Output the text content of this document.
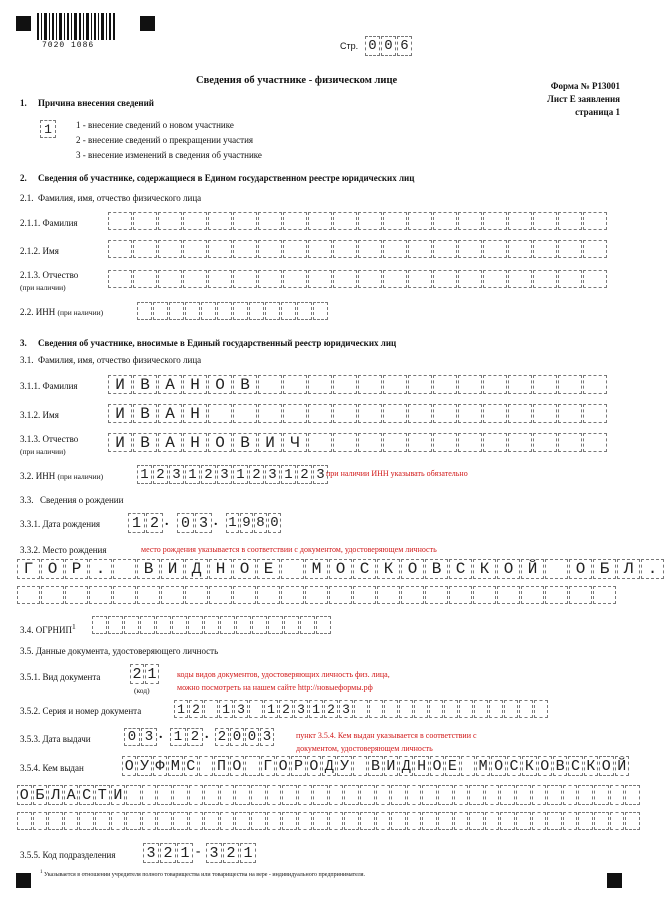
7020 1086	Стр. 0 0 6
Сведения об участнике - физическом лице	Форма № Р13001
Лист Е заявления
страница 1
1. Причина внесения сведений
1	1 - внесение сведений о новом участнике
2 - внесение сведений о прекращении участия
3 - внесение изменений в сведения об участнике
2. Сведения об участнике, содержащиеся в Едином государственном реестре юридических лиц
2.1. Фамилия, имя, отчество физического лица
2.1.1. Фамилия
2.1.2. Имя
2.1.3. Отчество
(при наличии)
2.2. ИНН (при наличии)
3. Сведения об участнике, вносимые в Единый государственный реестр юридических лиц
3.1. Фамилия, имя, отчество физического лица
3.1.1. Фамилия И В А Н О В
3.1.2. Имя	И В А Н
3.1.3. Отчество
(при наличии)	И В А Н О В И Ч
3.2. ИНН (при наличии)	1 2 3 1 2 3 1 2 3 1 2 3 при наличии ИНН указывать обязательно
3.3. Сведения о рождении
3.3.1. Дата рождения 1 2 . 0 3 . 1 9 8 0
3.3.2. Место рождения	место рождения указывается в соответствии с документом, удостоверяющем личность
Г О Р . В И Д Н О Е М О С К О В С К О Й О Б Л .
3.4. ОГРНИП$^1$
3.5. Данные документа, удостоверяющего личность
3.5.1. Вид документа 2 1
(код)
коды видов документов, удостоверяющих личность физ. лица,
можно посмотреть на нашем сайте http://новыеформы.рф
3.5.2. Серия и номер документа	1 2 1 3 1 2 3 1 2 3
3.5.3. Дата выдачи	0 3 . 1 2 . 2 0 0 3	пункт 3.5.4. Кем выдан указывается в соответствии с
документом, удостоверяющем личность
3.5.4. Кем выдан	О У Ф М С П О Г О Р О Д У В И Д Н О Е М О С К О В С К О Й
О Б Л А С Т И
3.5.5. Код подразделения 3 2 1 - 3 2 1
$^1$ Указывается в отношении учредителя полного товарищества или товарищества на вере - индивидуального предпринимателя.
